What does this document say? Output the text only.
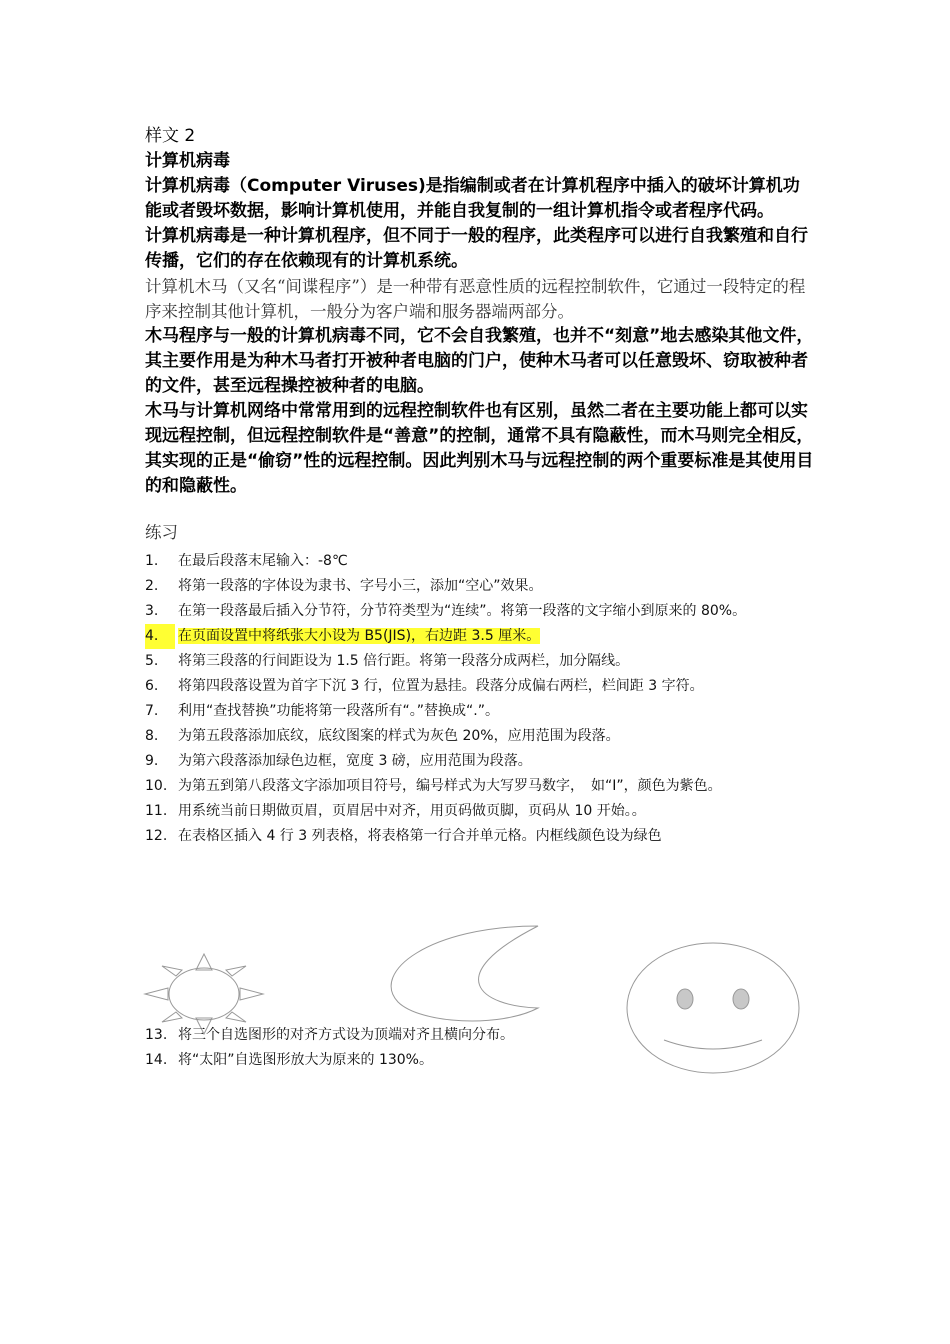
样文 2
计算机病毒

计算机病毒（Computer Viruses)是指编制或者在计算机程序中插入的破坏计算机功能或者毁坏数据，影响计算机使用，并能自我复制的一组计算机指令或者程序代码。

计算机病毒是一种计算机程序，但不同于一般的程序，此类程序可以进行自我繁殖和自行传播，它们的存在依赖现有的计算机系统。

计算机木马（又名“间谍程序”）是一种带有恶意性质的远程控制软件，它通过一段特定的程序来控制其他计算机，一般分为客户端和服务器端两部分。

木马程序与一般的计算机病毒不同，它不会自我繁殖，也并不“刻意”地去感染其他文件，其主要作用是为种木马者打开被种者电脑的门户，使种木马者可以任意毁坏、窃取被种者的文件，甚至远程操控被种者的电脑。

木马与计算机网络中常常用到的远程控制软件也有区别，虽然二者在主要功能上都可以实现远程控制，但远程控制软件是“善意”的控制，通常不具有隐蔽性，而木马则完全相反，其实现的正是“偷窃”性的远程控制。因此判别木马与远程控制的两个重要标准是其使用目的和隐蔽性。

练习
1.	在最后段落末尾输入：-8℃
2.	将第一段落的字体设为隶书、字号小三，添加“空心”效果。
3.	在第一段落最后插入分节符，分节符类型为“连续”。将第一段落的文字缩小到原来的 80%。
4.	在页面设置中将纸张大小设为 B5(JIS)，右边距 3.5 厘米。
5.	将第三段落的行间距设为 1.5 倍行距。将第一段落分成两栏，加分隔线。
6.	将第四段落设置为首字下沉 3 行，位置为悬挂。段落分成偏右两栏，栏间距 3 字符。
7.	利用“查找替换”功能将第一段落所有“。”替换成“.”。
8.	为第五段落添加底纹，底纹图案的样式为灰色 20%，应用范围为段落。
9.	为第六段落添加绿色边框，宽度 3 磅，应用范围为段落。
10. 为第五到第八段落文字添加项目符号，编号样式为大写罗马数字，　如“Ⅰ”，颜色为紫色。
11. 用系统当前日期做页眉，页眉居中对齐，用页码做页脚，页码从 10 开始。。
12. 在表格区插入 4 行 3 列表格，将表格第一行合并单元格。内框线颜色设为绿色
13. 将三个自选图形的对齐方式设为顶端对齐且横向分布。
14. 将“太阳”自选图形放大为原来的 130%。
